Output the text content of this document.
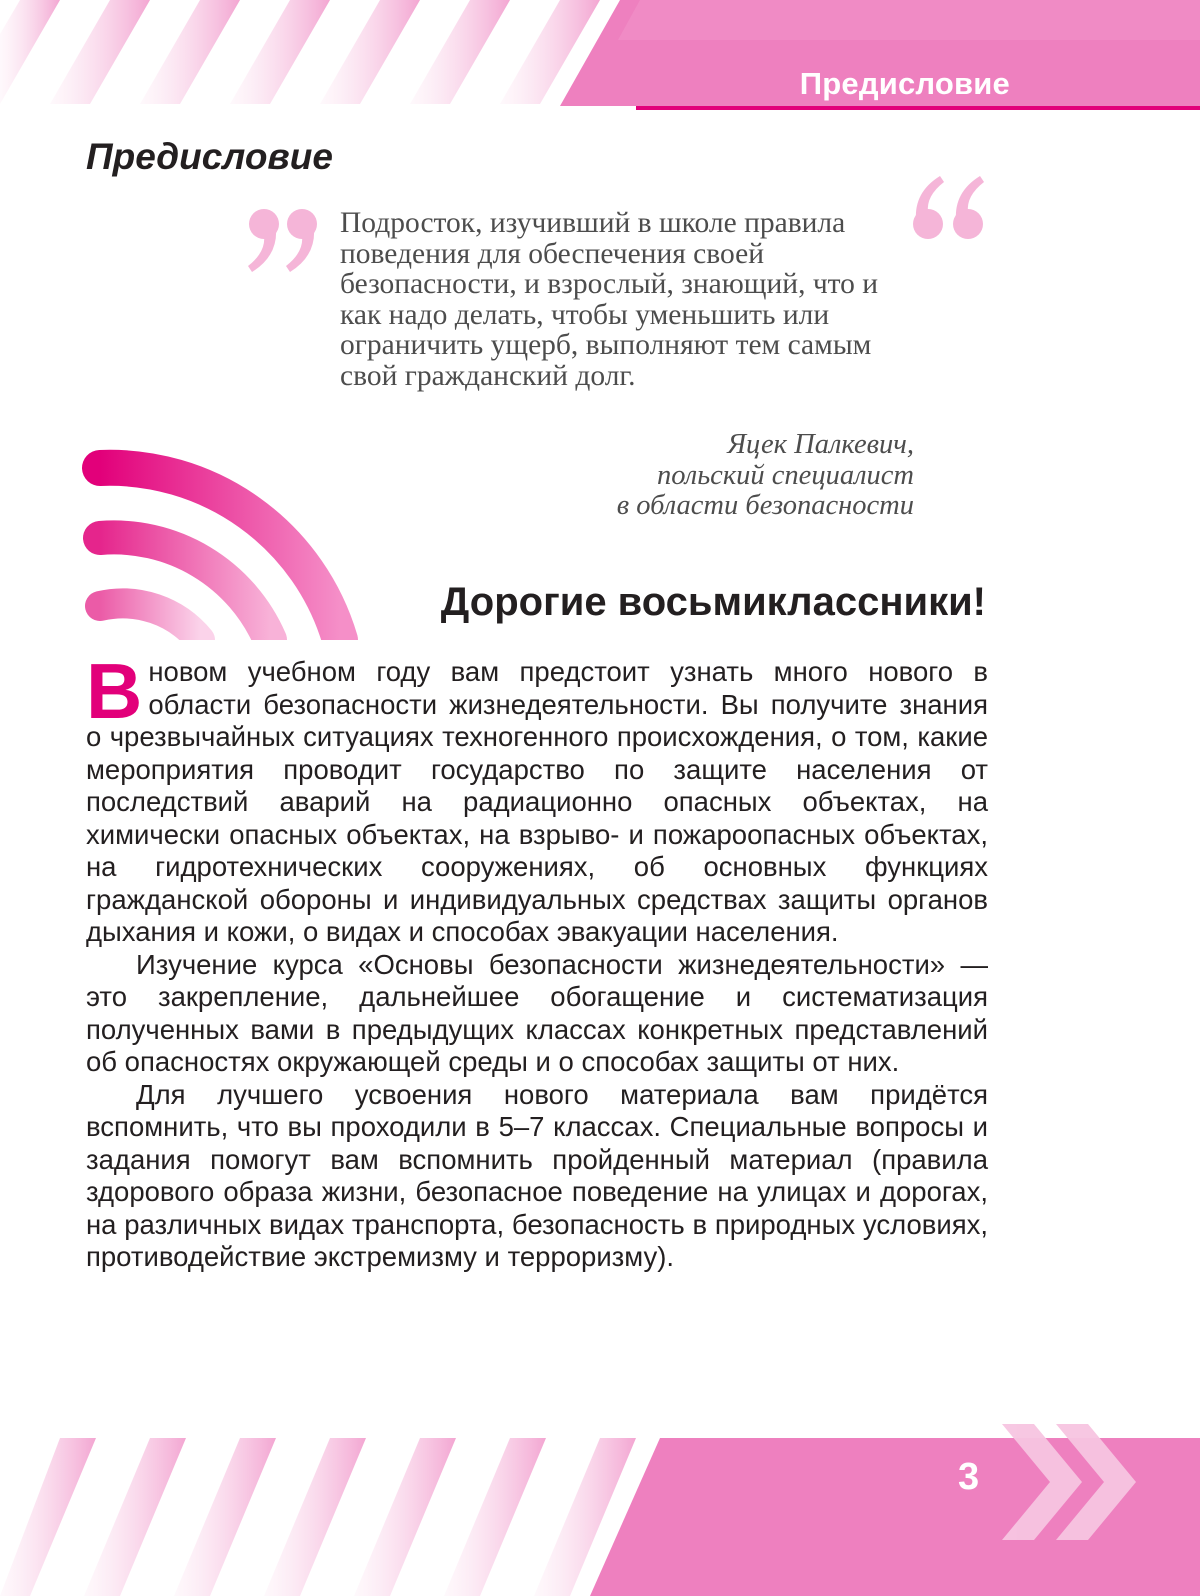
Предисловие
Предисловие

Подросток, изучивший в школе правила поведения для обеспечения своей безопасности, и взрослый, знающий, что и как надо делать, чтобы уменьшить или ограничить ущерб, выполняют тем самым свой гражданский долг.

Яцек Палкевич,
польский специалист
в области безопасности

Дорогие восьмиклассники!

В новом учебном году вам предстоит узнать много нового в области безопасности жизнедеятельности. Вы получите знания о чрезвычайных ситуациях техногенного происхождения, о том, какие мероприятия проводит государство по защите населения от последствий аварий на радиационно опасных объектах, на химически опасных объектах, на взрыво- и пожароопасных объектах, на гидротехнических сооружениях, об основных функциях гражданской обороны и индивидуальных средствах защиты органов дыхания и кожи, о видах и способах эвакуации населения.

Изучение курса «Основы безопасности жизнедеятельности» — это закрепление, дальнейшее обогащение и систематизация полученных вами в предыдущих классах конкретных представлений об опасностях окружающей среды и о способах защиты от них.

Для лучшего усвоения нового материала вам придётся вспомнить, что вы проходили в 5–7 классах. Специальные вопросы и задания помогут вам вспомнить пройденный материал (правила здорового образа жизни, безопасное поведение на улицах и дорогах, на различных видах транспорта, безопасность в природных условиях, противодействие экстремизму и терроризму).

3
